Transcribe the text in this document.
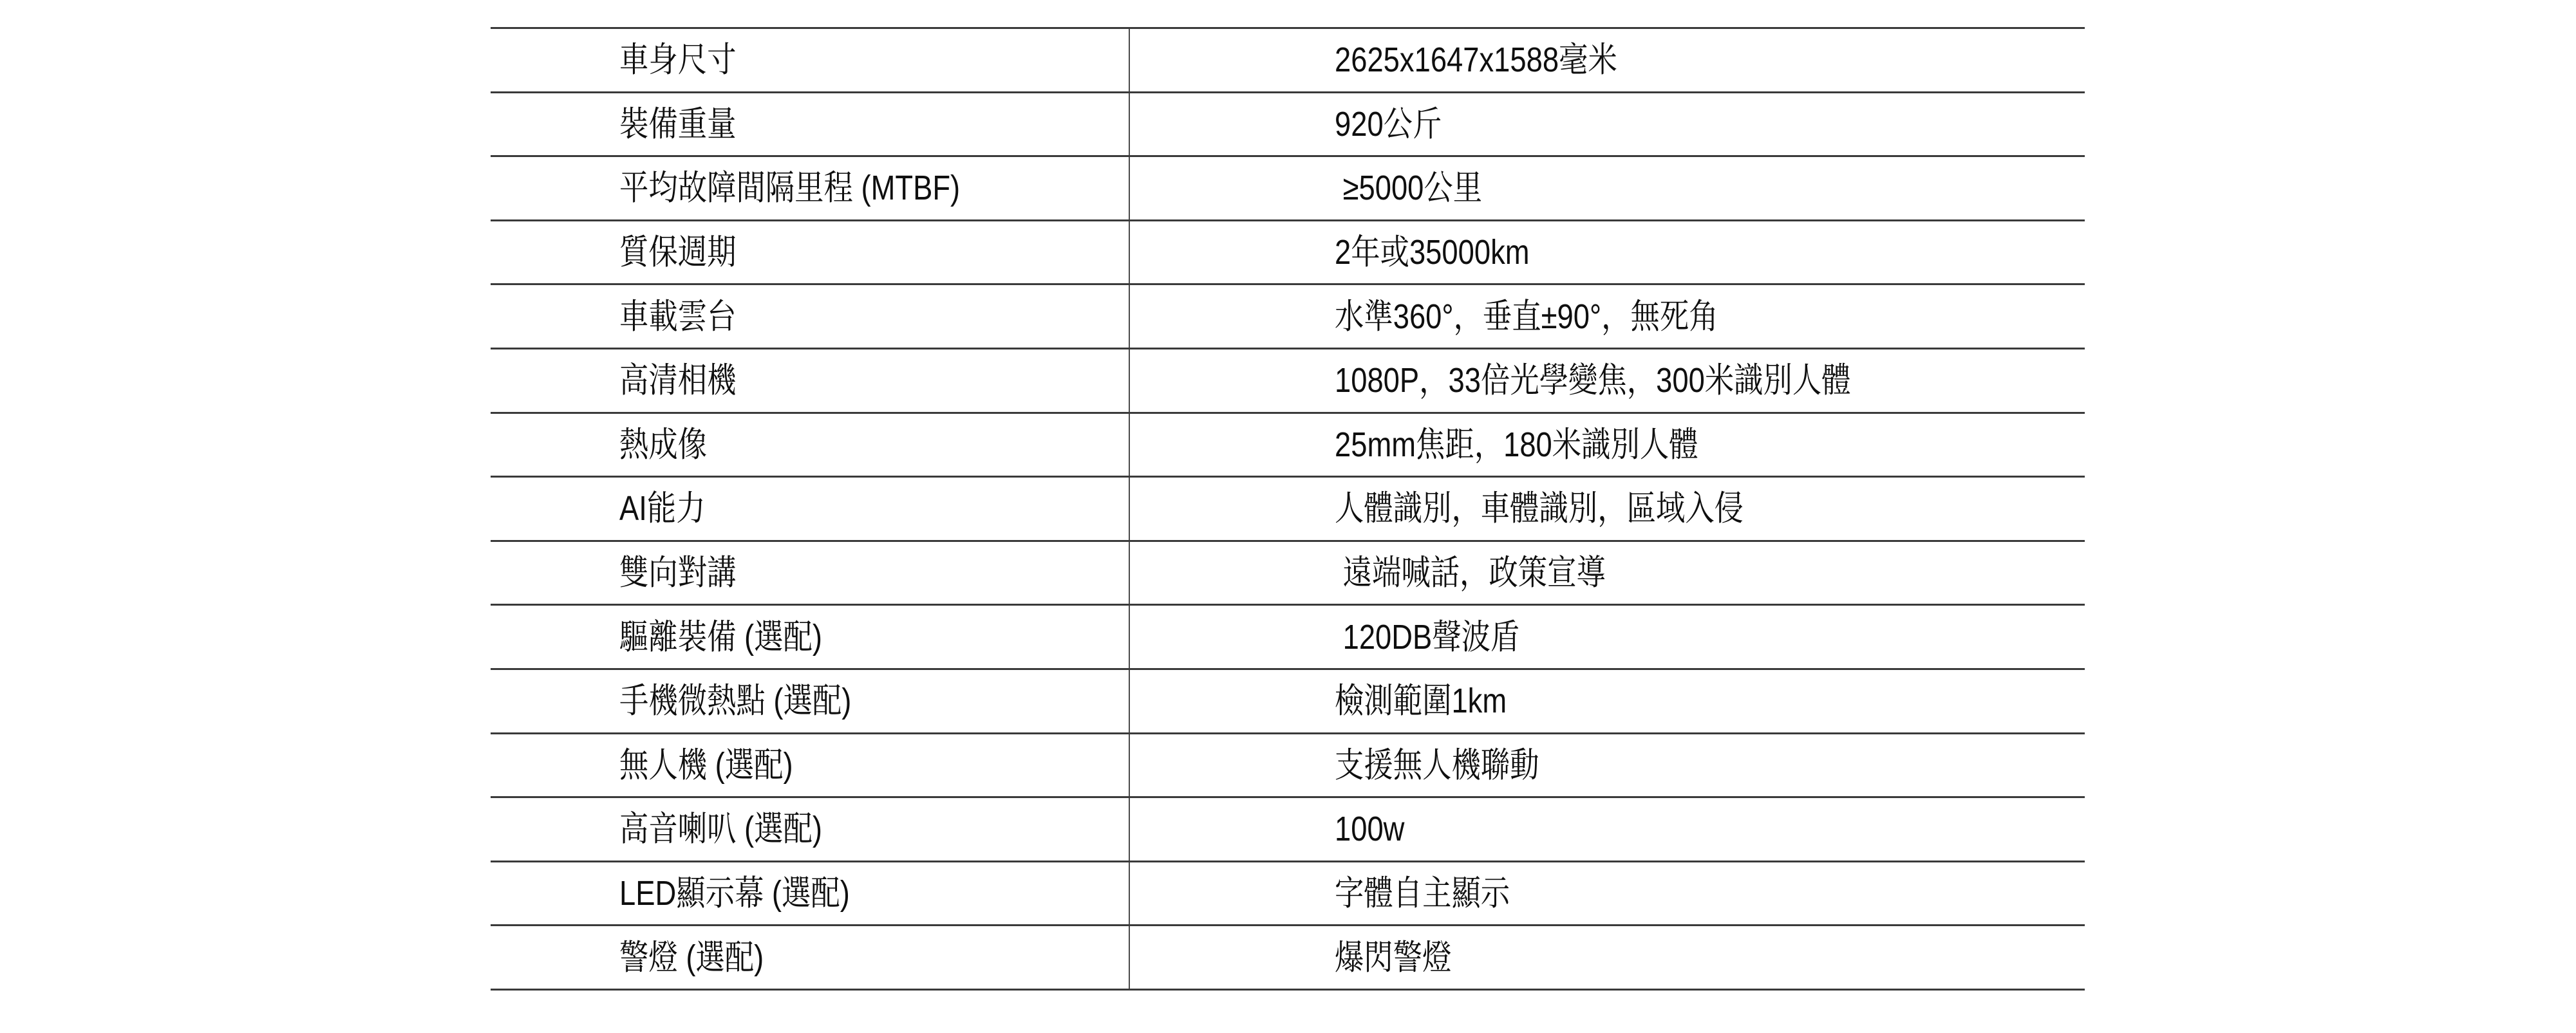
車身尺寸	2625x1647x1588毫米
裝備重量	920公斤
平均故障間隔里程 (MTBF)	≥5000公里
質保週期	2年或35000km
車載雲台	水準360°，垂直±90°，無死角
高清相機	1080P，33倍光學變焦，300米識別人體
熱成像	25mm焦距，180米識別人體
AI能力	人體識別，車體識別，區域入侵
雙向對講	遠端喊話，政策宣導
驅離裝備 (選配)	120DB聲波盾
手機微熱點 (選配)	檢測範圍1km
無人機 (選配)	支援無人機聯動
高音喇叭 (選配)	100w
LED顯示幕 (選配)	字體自主顯示
警燈 (選配)	爆閃警燈
